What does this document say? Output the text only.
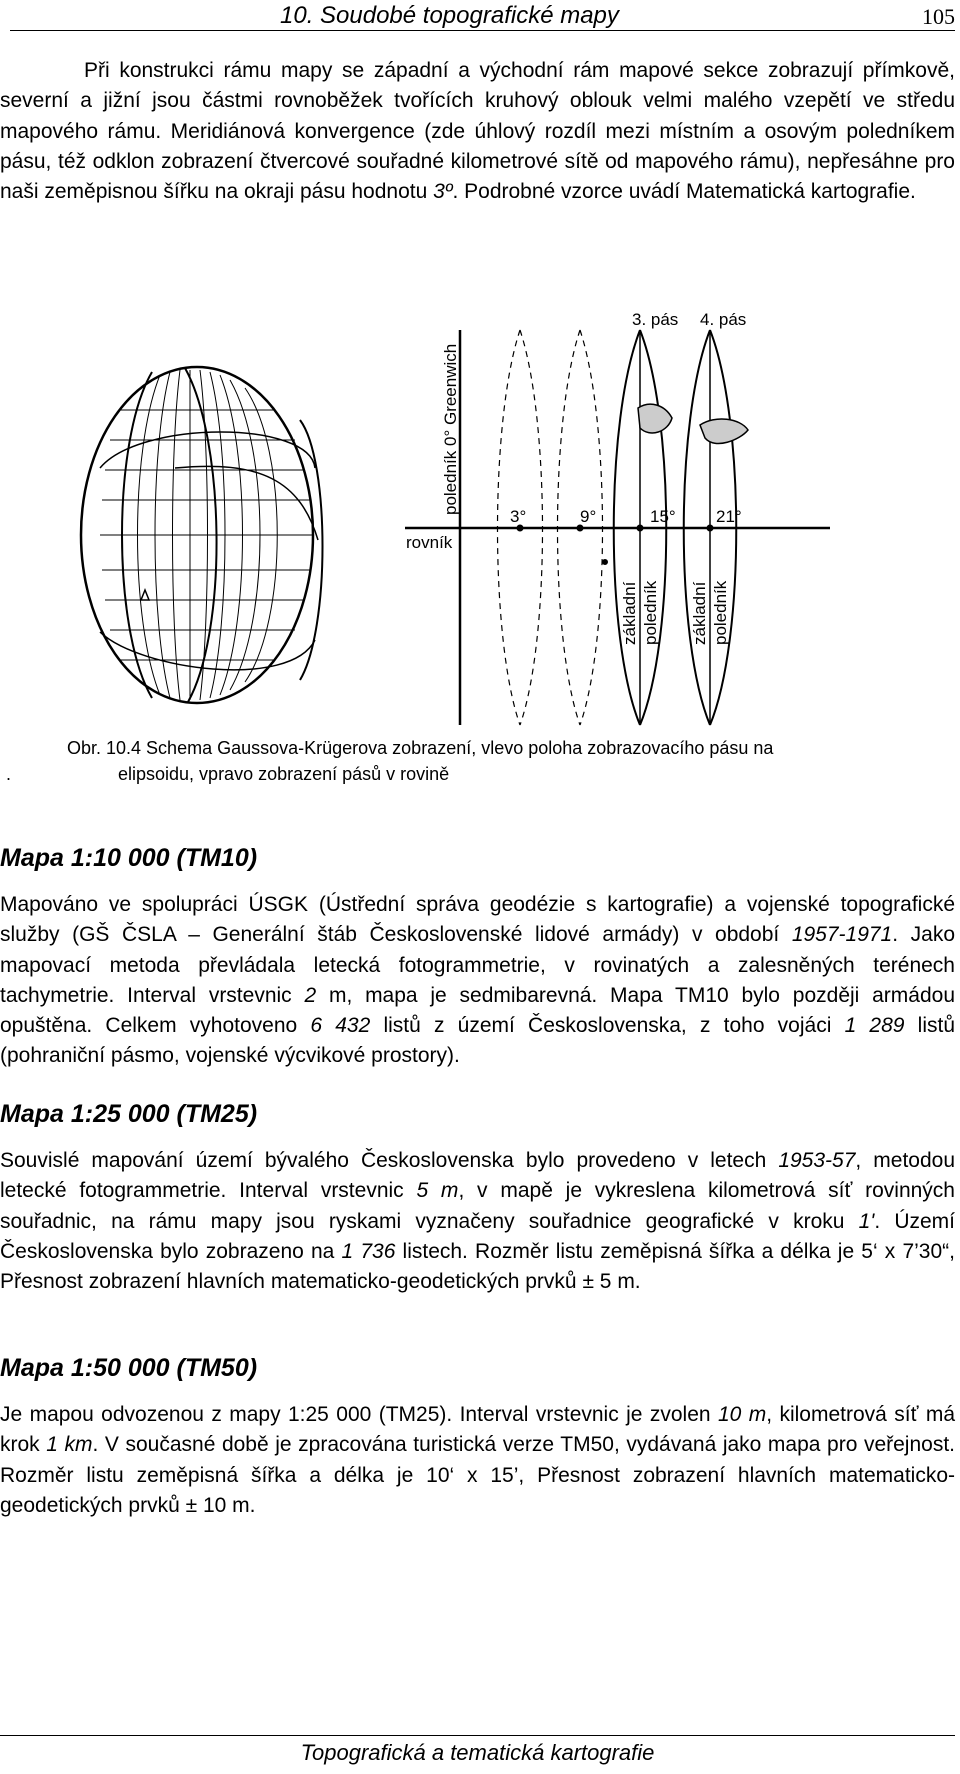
10. Soudobé topografické mapy	105

Při konstrukci rámu mapy se západní a východní rám mapové sekce zobrazují přímkově, severní a jižní jsou částmi rovnoběžek tvořících kruhový oblouk velmi malého vzepětí ve středu mapového rámu. Meridiánová konvergence (zde úhlový rozdíl mezi místním a osovým poledníkem pásu, též odklon zobrazení čtvercové souřadné kilometrové sítě od mapového rámu), nepřesáhne pro naši zeměpisnou šířku na okraji pásu hodnotu 3º. Podrobné vzorce uvádí Matematická kartografie.

3. pás 4. pás
poledník 0° Greenwich
rovník
3°	9°	15° 21°
základní poledník základní poledník
Obr. 10.4 Schema Gaussova-Krügerova zobrazení, vlevo poloha zobrazovacího pásu na
.	elipsoidu, vpravo zobrazení pásů v rovině
Mapa 1:10 000 (TM10)

Mapováno ve spolupráci ÚSGK (Ústřední správa geodézie s kartografie) a vojenské topografické služby (GŠ ČSLA – Generální štáb Československé lidové armády) v období 1957-1971. Jako mapovací metoda převládala letecká fotogrammetrie, v rovinatých a zalesněných terénech tachymetrie. Interval vrstevnic 2 m, mapa je sedmibarevná. Mapa TM10 bylo později armádou opuštěna. Celkem vyhotoveno 6 432 listů z území Československa, z toho vojáci 1 289 listů (pohraniční pásmo, vojenské výcvikové prostory).

Mapa 1:25 000 (TM25)

Souvislé mapování území bývalého Československa bylo provedeno v letech 1953-57, metodou letecké fotogrammetrie. Interval vrstevnic 5 m, v mapě je vykreslena kilometrová síť rovinných souřadnic, na rámu mapy jsou ryskami vyznačeny souřadnice geografické v kroku 1'. Území Československa bylo zobrazeno na 1 736 listech. Rozměr listu zeměpisná šířka a délka je 5‘ x 7’30“, Přesnost zobrazení hlavních matematicko-geodetických prvků ± 5 m.

Mapa 1:50 000 (TM50)

Je mapou odvozenou z mapy 1:25 000 (TM25). Interval vrstevnic je zvolen 10 m, kilometrová síť má krok 1 km. V současné době je zpracována turistická verze TM50, vydávaná jako mapa pro veřejnost. Rozměr listu zeměpisná šířka a délka je 10‘ x 15’, Přesnost zobrazení hlavních matematicko-geodetických prvků ± 10 m.

Topografická a tematická kartografie
